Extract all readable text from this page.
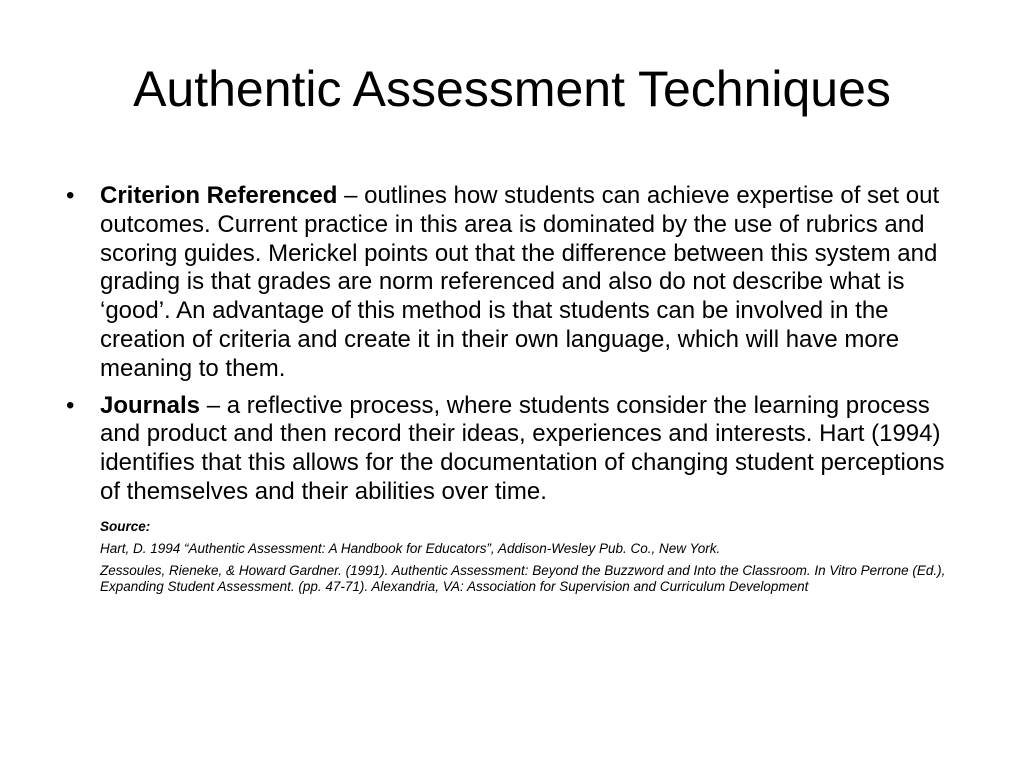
Authentic Assessment Techniques
•	Criterion Referenced – outlines how students can achieve expertise of set out outcomes. Current practice in this area is dominated by the use of rubrics and scoring guides. Merickel points out that the difference between this system and grading is that grades are norm referenced and also do not describe what is ‘good’. An advantage of this method is that students can be involved in the creation of criteria and create it in their own language, which will have more meaning to them.
•	Journals – a reflective process, where students consider the learning process and product and then record their ideas, experiences and interests. Hart (1994) identifies that this allows for the documentation of changing student perceptions of themselves and their abilities over time.
Source:
Hart, D. 1994 “Authentic Assessment: A Handbook for Educators”, Addison-Wesley Pub. Co., New York.
Zessoules, Rieneke, & Howard Gardner. (1991). Authentic Assessment: Beyond the Buzzword and Into the Classroom. In Vitro Perrone (Ed.), Expanding Student Assessment. (pp. 47-71). Alexandria, VA: Association for Supervision and Curriculum Development
